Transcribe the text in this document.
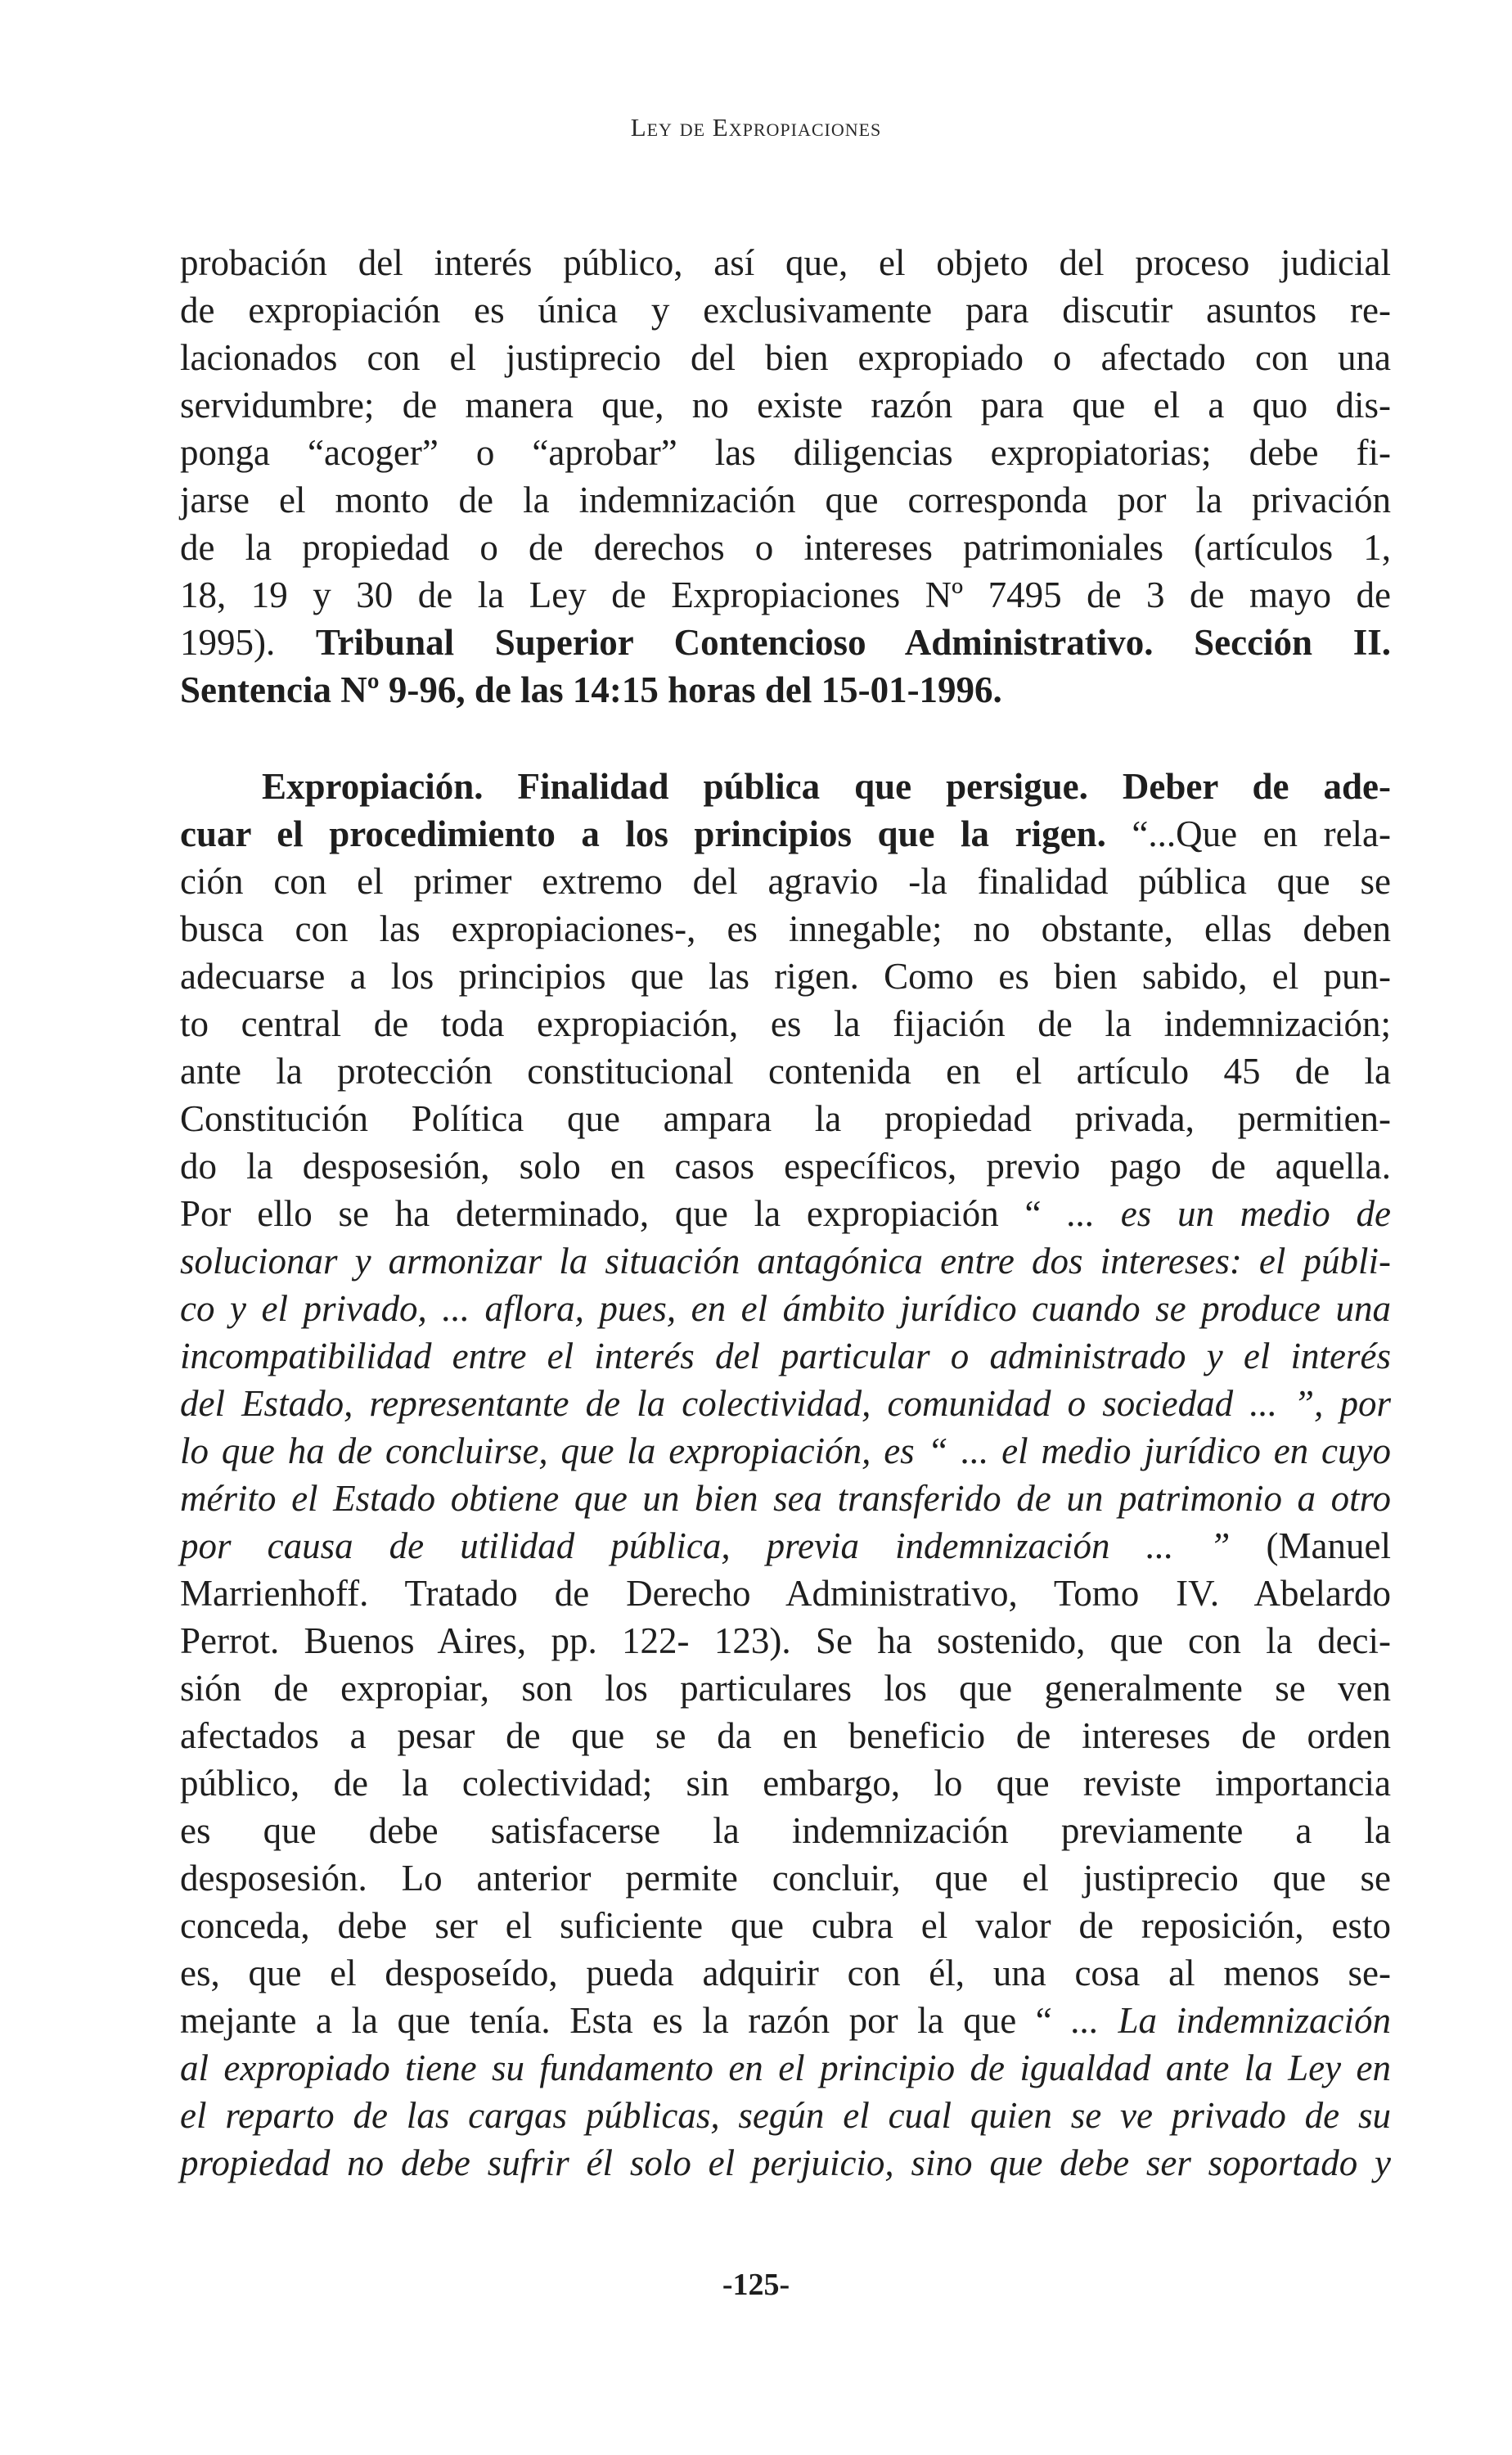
Ley de Expropiaciones
probación del interés público, así que, el objeto del proceso judicial
de expropiación es única y exclusivamente para discutir asuntos re-
lacionados con el justiprecio del bien expropiado o afectado con una
servidumbre; de manera que, no existe razón para que el a quo dis-
ponga “acoger” o “aprobar” las diligencias expropiatorias; debe fi-
jarse el monto de la indemnización que corresponda por la privación
de la propiedad o de derechos o intereses patrimoniales (artículos 1,
18, 19 y 30 de la Ley de Expropiaciones Nº 7495 de 3 de mayo de
1995). Tribunal Superior Contencioso Administrativo. Sección II.
Sentencia Nº 9-96, de las 14:15 horas del 15-01-1996.
Expropiación. Finalidad pública que persigue. Deber de ade-
cuar el procedimiento a los principios que la rigen. “...Que en rela-
ción con el primer extremo del agravio -la finalidad pública que se
busca con las expropiaciones-, es innegable; no obstante, ellas deben
adecuarse a los principios que las rigen. Como es bien sabido, el pun-
to central de toda expropiación, es la fijación de la indemnización;
ante la protección constitucional contenida en el artículo 45 de la
Constitución Política que ampara la propiedad privada, permitien-
do la desposesión, solo en casos específicos, previo pago de aquella.
Por ello se ha determinado, que la expropiación “ ... es un medio de
solucionar y armonizar la situación antagónica entre dos intereses: el públi-
co y el privado, ... aflora, pues, en el ámbito jurídico cuando se produce una
incompatibilidad entre el interés del particular o administrado y el interés
del Estado, representante de la colectividad, comunidad o sociedad ... ”, por
lo que ha de concluirse, que la expropiación, es “ ... el medio jurídico en cuyo
mérito el Estado obtiene que un bien sea transferido de un patrimonio a otro
por causa de utilidad pública, previa indemnización ... ” (Manuel
Marrienhoff. Tratado de Derecho Administrativo, Tomo IV. Abelardo
Perrot. Buenos Aires, pp. 122- 123). Se ha sostenido, que con la deci-
sión de expropiar, son los particulares los que generalmente se ven
afectados a pesar de que se da en beneficio de intereses de orden
público, de la colectividad; sin embargo, lo que reviste importancia
es que debe satisfacerse la indemnización previamente a la
desposesión. Lo anterior permite concluir, que el justiprecio que se
conceda, debe ser el suficiente que cubra el valor de reposición, esto
es, que el desposeído, pueda adquirir con él, una cosa al menos se-
mejante a la que tenía. Esta es la razón por la que “ ... La indemnización
al expropiado tiene su fundamento en el principio de igualdad ante la Ley en
el reparto de las cargas públicas, según el cual quien se ve privado de su
propiedad no debe sufrir él solo el perjuicio, sino que debe ser soportado y
-125-
